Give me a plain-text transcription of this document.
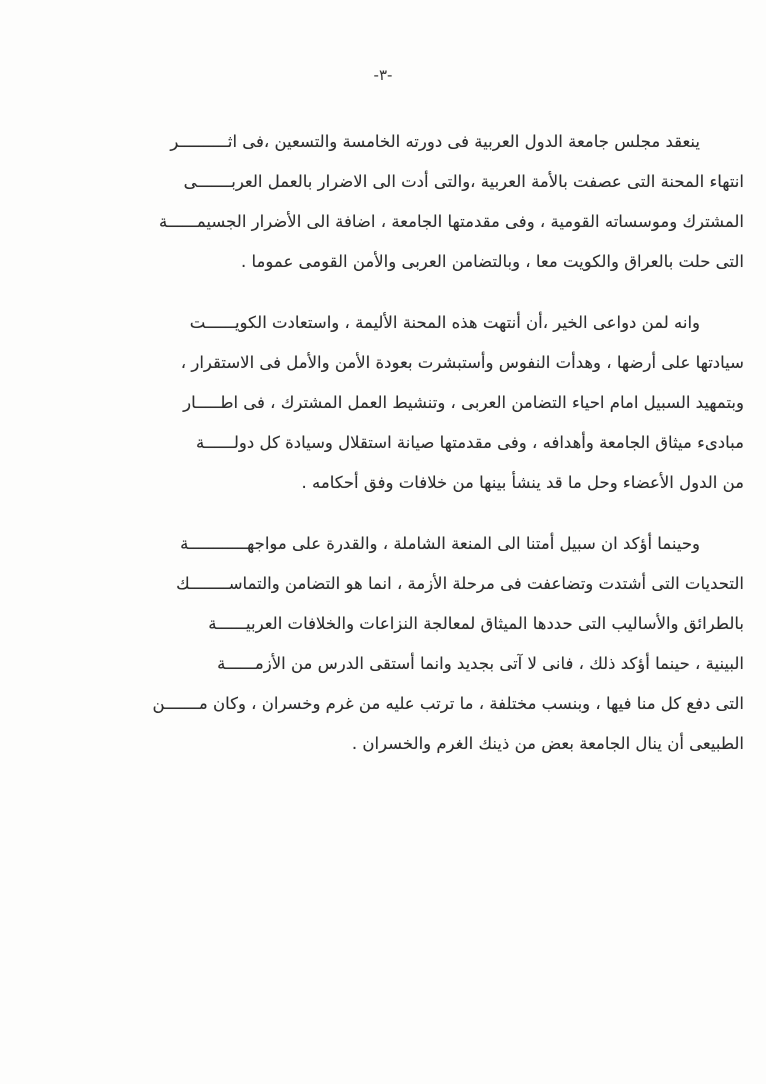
-٣-
ينعقد مجلس جامعة الدول العربية فى دورته الخامسة والتسعين ،فى اثــــــــــر
انتهاء المحنة التى عصفت بالأمة العربية ،والتى أدت الى الاضرار بالعمل العربـــــــى
المشترك وموسساته القومية ، وفى مقدمتها الجامعة ، اضافة الى الأضرار الجسيمــــــة
التى حلت بالعراق والكويت معا ، وبالتضامن العربى والأمن القومى عموما .
وانه لمن دواعى الخير ،أن أنتهت هذه المحنة الأليمة ، واستعادت الكويــــــت
سيادتها على أرضها ، وهدأت النفوس وأستبشرت بعودة الأمن والأمل فى الاستقرار ،
وبتمهيد السبيل امام احياء التضامن العربى ، وتنشيط العمل المشترك ، فى اطـــــار
مبادىء ميثاق الجامعة وأهدافه ، وفى مقدمتها صيانة استقلال وسيادة كل دولــــــة
من الدول الأعضاء وحل ما قد ينشأ بينها من خلافات وفق أحكامه .
وحينما أؤكد ان سبيل أمتنا الى المنعة الشاملة ، والقدرة على مواجهــــــــــــة
التحديات التى أشتدت وتضاعفت فى مرحلة الأزمة ، انما هو التضامن والتماســــــــك
بالطرائق والأساليب التى حددها الميثاق لمعالجة النزاعات والخلافات العربيــــــة
البينية ، حينما أؤكد ذلك ، فانى لا آتى بجديد وانما أستقى الدرس من الأزمــــــة
التى دفع كل منا فيها ، وبنسب مختلفة ، ما ترتب عليه من غرم وخسران ، وكان مـــــــن
الطبيعى أن ينال الجامعة بعض من ذينك الغرم والخسران .
